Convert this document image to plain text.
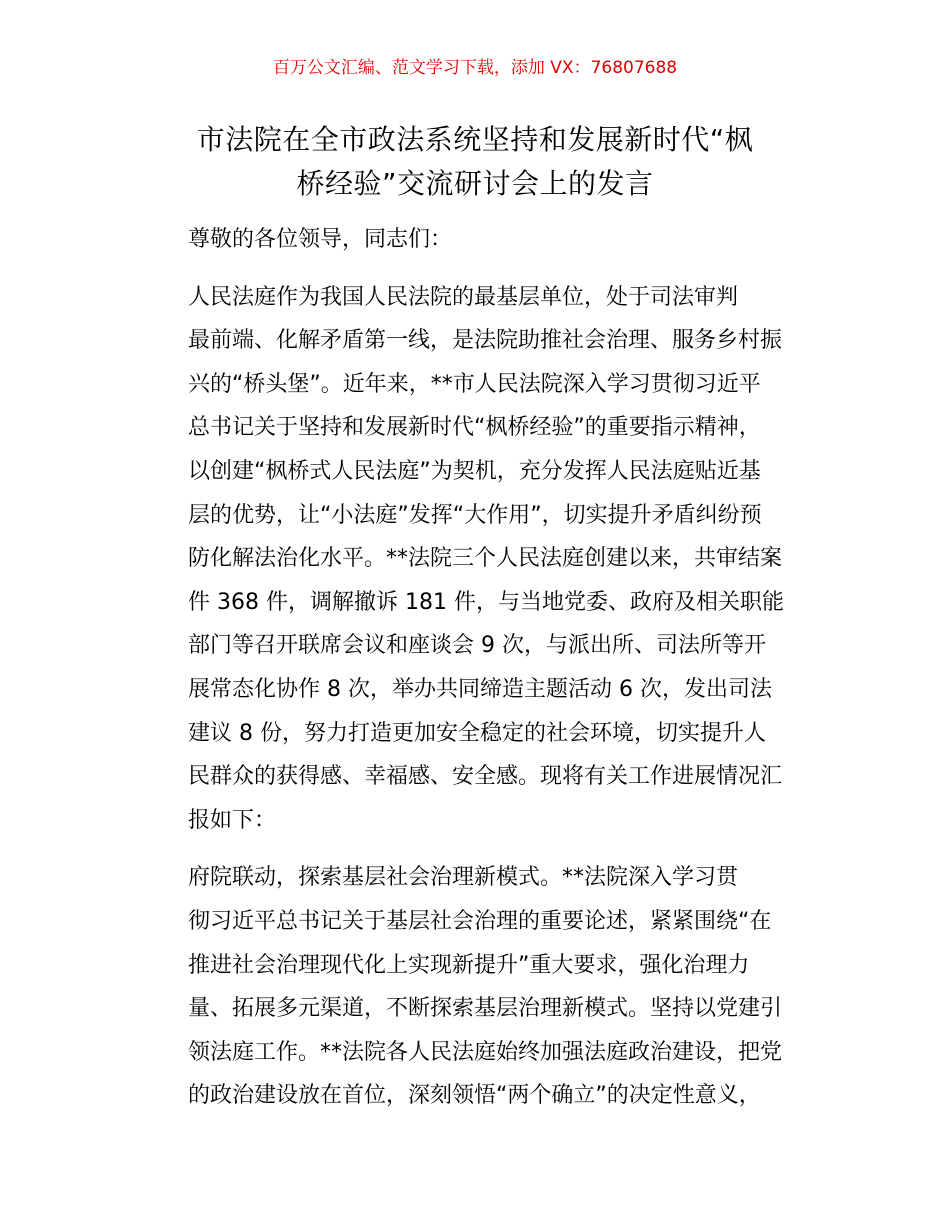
百万公文汇编、范文学习下载，添加 VX：76807688
市法院在全市政法系统坚持和发展新时代“枫
桥经验”交流研讨会上的发言

尊敬的各位领导，同志们：

人民法庭作为我国人民法院的最基层单位，处于司法审判
最前端、化解矛盾第一线，是法院助推社会治理、服务乡村振
兴的“桥头堡”。近年来，**市人民法院深入学习贯彻习近平
总书记关于坚持和发展新时代“枫桥经验”的重要指示精神，
以创建“枫桥式人民法庭”为契机，充分发挥人民法庭贴近基
层的优势，让“小法庭”发挥“大作用”，切实提升矛盾纠纷预
防化解法治化水平。**法院三个人民法庭创建以来，共审结案
件 368 件，调解撤诉 181 件，与当地党委、政府及相关职能
部门等召开联席会议和座谈会 9 次，与派出所、司法所等开
展常态化协作 8 次，举办共同缔造主题活动 6 次，发出司法
建议 8 份，努力打造更加安全稳定的社会环境，切实提升人
民群众的获得感、幸福感、安全感。现将有关工作进展情况汇
报如下：

府院联动，探索基层社会治理新模式。**法院深入学习贯
彻习近平总书记关于基层社会治理的重要论述，紧紧围绕“在
推进社会治理现代化上实现新提升”重大要求，强化治理力
量、拓展多元渠道，不断探索基层治理新模式。坚持以党建引
领法庭工作。**法院各人民法庭始终加强法庭政治建设，把党
的政治建设放在首位，深刻领悟“两个确立”的决定性意义，
